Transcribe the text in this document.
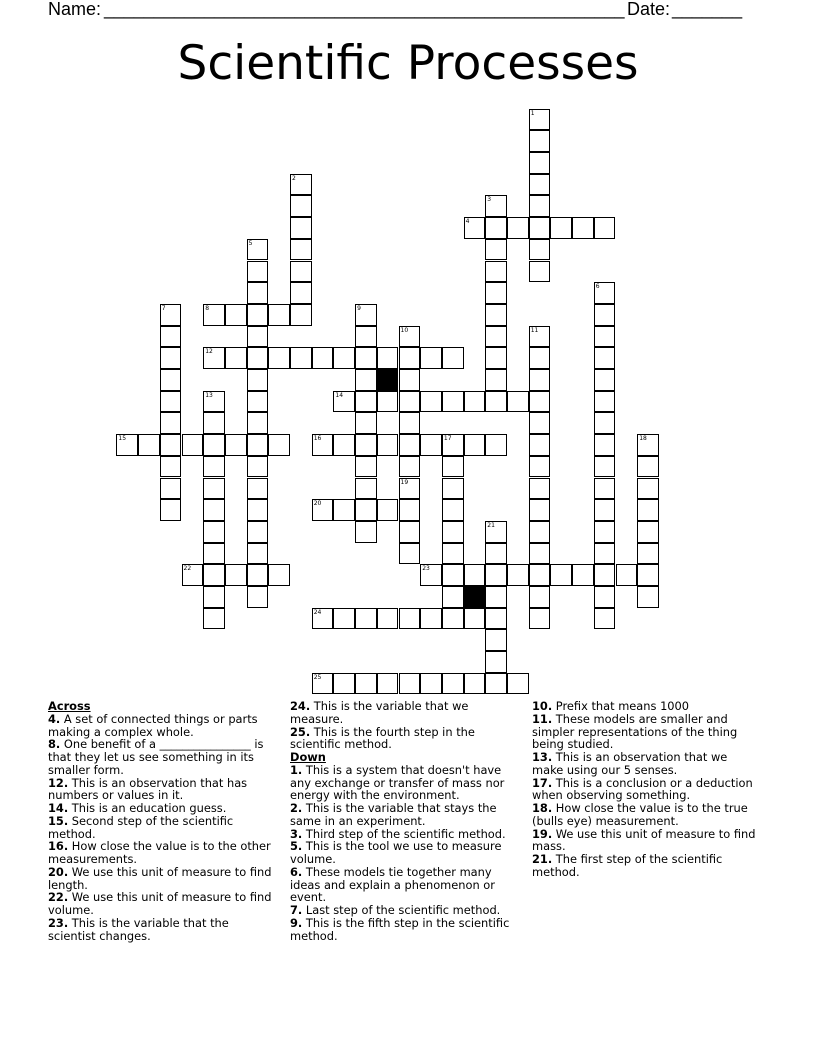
Name: ____________________________________________________ Date: _______
Scientific Processes
1
2
3
4
5
6
7	8	9
10
19
11
12
13	14
15	16	17	18
20
21
22	23
24
25
Across
4. A set of connected things or parts making a complex whole.
8. One benefit of a ________________ is that they let us see something in its smaller form.
12. This is an observation that has numbers or values in it.
14. This is an education guess.
15. Second step of the scientific method.
16. How close the value is to the other measurements.
20. We use this unit of measure to find length.
22. We use this unit of measure to find volume.
23. This is the variable that the scientist changes.
24. This is the variable that we measure.
25. This is the fourth step in the scientific method.
Down
1. This is a system that doesn't have any exchange or transfer of mass nor energy with the environment.
2. This is the variable that stays the same in an experiment.
3. Third step of the scientific method.
5. This is the tool we use to measure volume.
6. These models tie together many ideas and explain a phenomenon or event.
7. Last step of the scientific method.
9. This is the fifth step in the scientific method.
10. Prefix that means 1000
11. These models are smaller and simpler representations of the thing being studied.
13. This is an observation that we make using our 5 senses.
17. This is a conclusion or a deduction when observing something.
18. How close the value is to the true (bulls eye) measurement.
19. We use this unit of measure to find mass.
21. The first step of the scientific method.
